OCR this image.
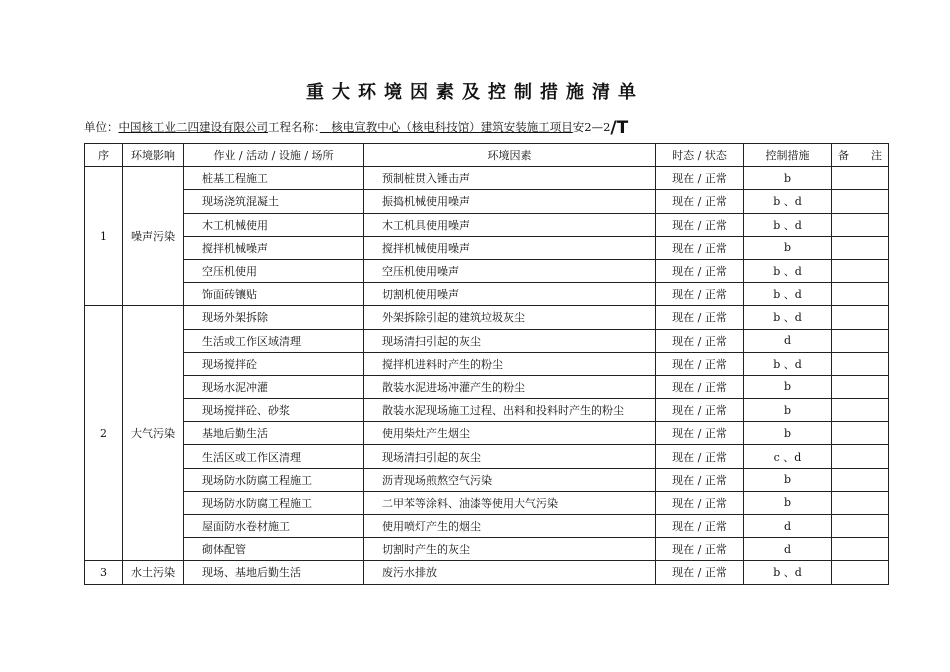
重大环境因素及控制措施清单
单位：中国核工业二四建设有限公司工程名称：　 核电宣教中心（核电科技馆）建筑安装施工项目安2—2/T
序	环境影响	作业 / 活动 / 设施 / 场所	环境因素	时态 / 状态	控制措施	备　　注
1	噪声污染	桩基工程施工	预制桩贯入锤击声	现在 / 正常	b	
		现场浇筑混凝土	振捣机械使用噪声	现在 / 正常	b 、d	
		木工机械使用	木工机具使用噪声	现在 / 正常	b 、d	
		搅拌机械噪声	搅拌机械使用噪声	现在 / 正常	b	
		空压机使用	空压机使用噪声	现在 / 正常	b 、d	
		饰面砖镶贴	切割机使用噪声	现在 / 正常	b 、d	
2	大气污染	现场外架拆除	外架拆除引起的建筑垃圾灰尘	现在 / 正常	b 、d	
		生活或工作区域清理	现场清扫引起的灰尘	现在 / 正常	d	
		现场搅拌砼	搅拌机进料时产生的粉尘	现在 / 正常	b 、d	
		现场水泥冲灌	散装水泥进场冲灌产生的粉尘	现在 / 正常	b	
		现场搅拌砼、砂浆	散装水泥现场施工过程、出料和投料时产生的粉尘	现在 / 正常	b	
		基地后勤生活	使用柴灶产生烟尘	现在 / 正常	b	
		生活区或工作区清理	现场清扫引起的灰尘	现在 / 正常	c 、d	
		现场防水防腐工程施工	沥青现场煎熬空气污染	现在 / 正常	b	
		现场防水防腐工程施工	二甲苯等涂料、油漆等使用大气污染	现在 / 正常	b	
		屋面防水卷材施工	使用喷灯产生的烟尘	现在 / 正常	d	
		砌体配管	切割时产生的灰尘	现在 / 正常	d	
3	水土污染	现场、基地后勤生活	废污水排放	现在 / 正常	b 、d	
